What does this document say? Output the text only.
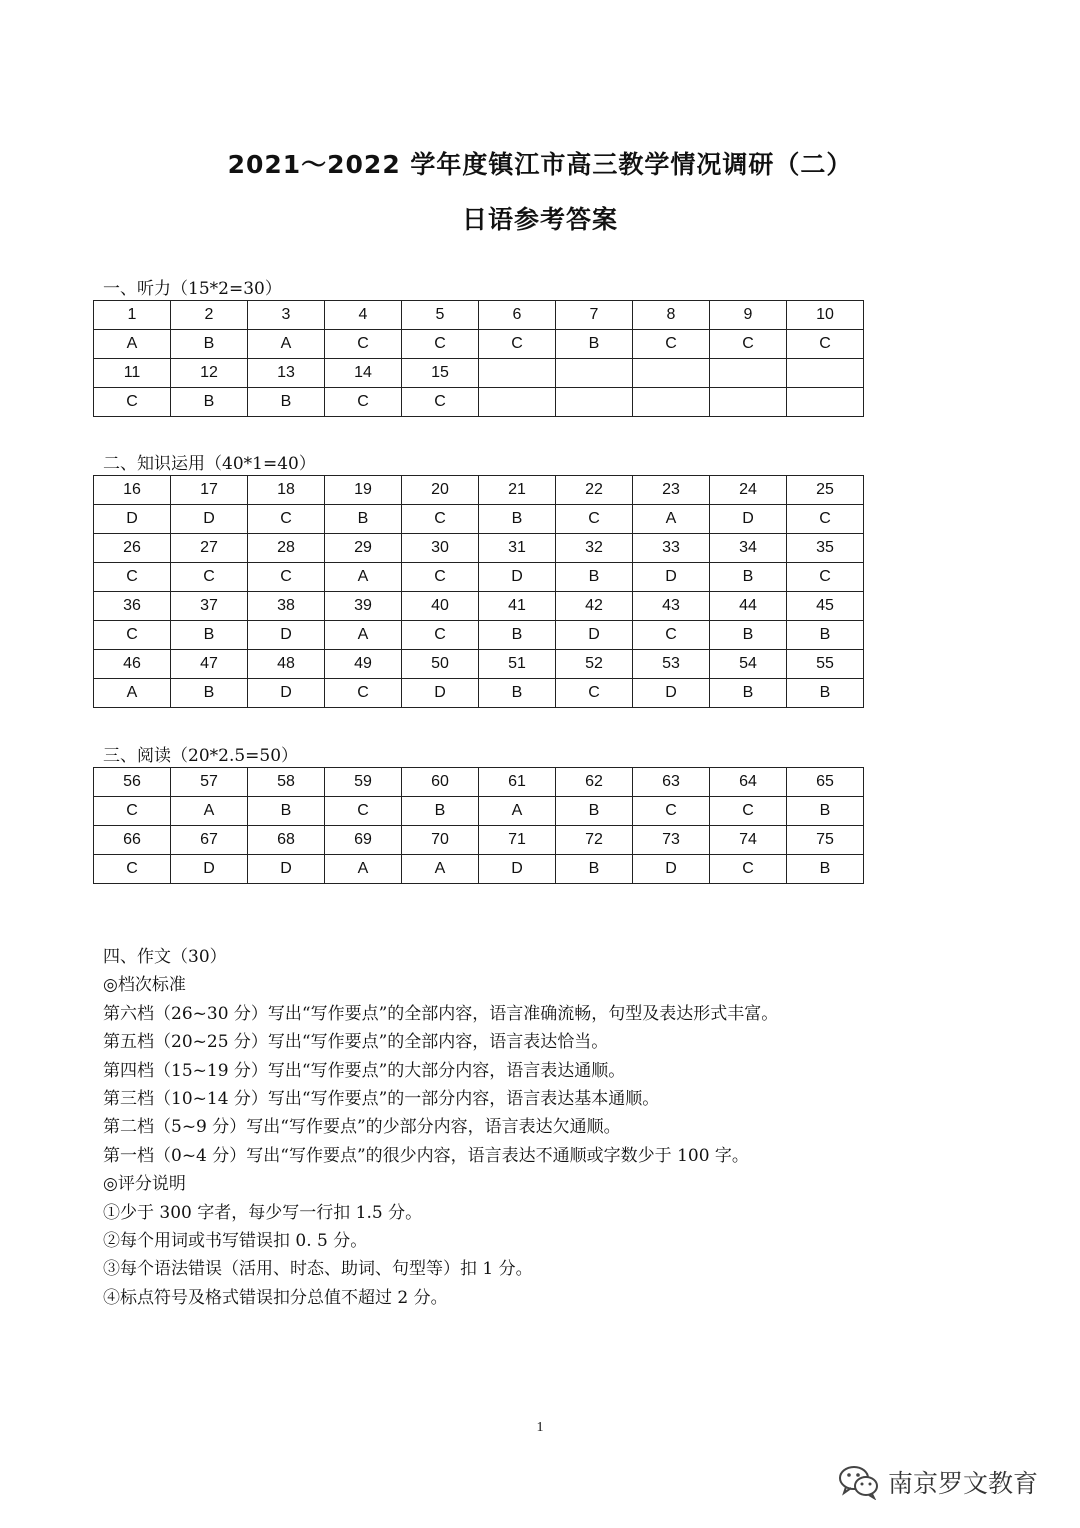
2021～2022 学年度镇江市高三教学情况调研（二）
日语参考答案
一、听力（15*2=30）
1	2	3	4	5	6	7	8	9	10
A	B	A	C	C	C	B	C	C	C
11	12	13	14	15					
C	B	B	C	C					
二、知识运用（40*1=40）
16	17	18	19	20	21	22	23	24	25
D	D	C	B	C	B	C	A	D	C
26	27	28	29	30	31	32	33	34	35
C	C	C	A	C	D	B	D	B	C
36	37	38	39	40	41	42	43	44	45
C	B	D	A	C	B	D	C	B	B
46	47	48	49	50	51	52	53	54	55
A	B	D	C	D	B	C	D	B	B
三、阅读（20*2.5=50）
56	57	58	59	60	61	62	63	64	65
C	A	B	C	B	A	B	C	C	B
66	67	68	69	70	71	72	73	74	75
C	D	D	A	A	D	B	D	C	B
四、作文（30）
◎档次标准
第六档（26~30 分）写出“写作要点”的全部内容，语言准确流畅，句型及表达形式丰富。
第五档（20~25 分）写出“写作要点”的全部内容，语言表达恰当。
第四档（15~19 分）写出“写作要点”的大部分内容，语言表达通顺。
第三档（10~14 分）写出“写作要点”的一部分内容，语言表达基本通顺。
第二档（5~9 分）写出“写作要点”的少部分内容，语言表达欠通顺。
第一档（0~4 分）写出“写作要点”的很少内容，语言表达不通顺或字数少于 100 字。
◎评分说明
①少于 300 字者，每少写一行扣 1.5 分。
②每个用词或书写错误扣 0. 5 分。
③每个语法错误（活用、时态、助词、句型等）扣 1 分。
④标点符号及格式错误扣分总值不超过 2 分。
1
南京罗文教育
